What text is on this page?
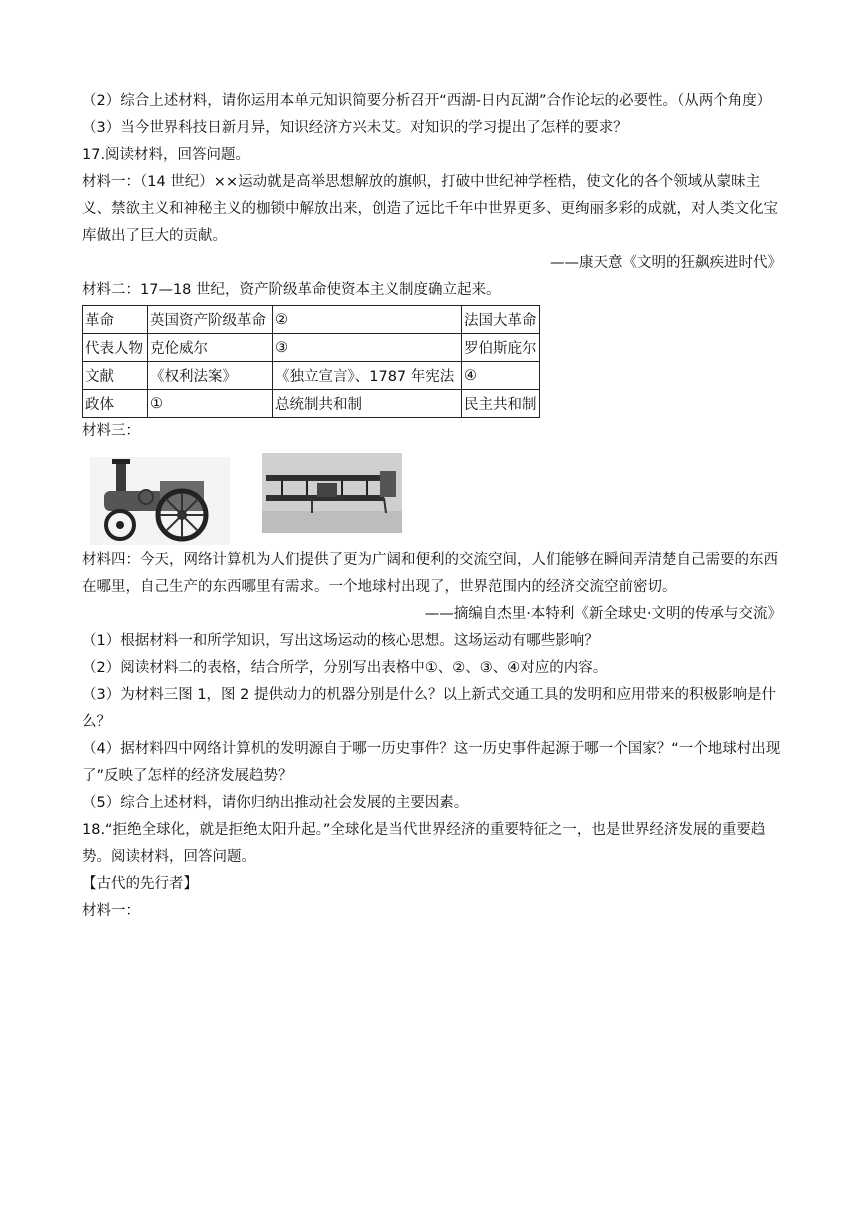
（2）综合上述材料，请你运用本单元知识简要分析召开“西湖-日内瓦湖”合作论坛的必要性。（从两个角度）

（3）当今世界科技日新月异，知识经济方兴未艾。对知识的学习提出了怎样的要求？

17.阅读材料，回答问题。

材料一：（14 世纪）××运动就是高举思想解放的旗帜，打破中世纪神学桎梏，使文化的各个领域从蒙昧主义、禁欲主义和神秘主义的枷锁中解放出来，创造了远比千年中世界更多、更绚丽多彩的成就，对人类文化宝库做出了巨大的贡献。

——康天意《文明的狂飙疾进时代》

材料二：17—18 世纪，资产阶级革命使资本主义制度确立起来。

革命	英国资产阶级革命	②	法国大革命
代表人物	克伦威尔	③	罗伯斯庇尔
文献	《权利法案》	《独立宣言》、1787 年宪法	④
政体	①	总统制共和制	民主共和制

材料三：

材料四：今天，网络计算机为人们提供了更为广阔和便利的交流空间，人们能够在瞬间弄清楚自己需要的东西在哪里，自己生产的东西哪里有需求。一个地球村出现了，世界范围内的经济交流空前密切。

——摘编自杰里·本特利《新全球史·文明的传承与交流》

（1）根据材料一和所学知识，写出这场运动的核心思想。这场运动有哪些影响？

（2）阅读材料二的表格，结合所学，分别写出表格中①、②、③、④对应的内容。

（3）为材料三图 1，图 2 提供动力的机器分别是什么？以上新式交通工具的发明和应用带来的积极影响是什么？

（4）据材料四中网络计算机的发明源自于哪一历史事件？这一历史事件起源于哪一个国家？“一个地球村出现了”反映了怎样的经济发展趋势？

（5）综合上述材料，请你归纳出推动社会发展的主要因素。

18.“拒绝全球化，就是拒绝太阳升起。”全球化是当代世界经济的重要特征之一，也是世界经济发展的重要趋势。阅读材料，回答问题。

【古代的先行者】

材料一：
